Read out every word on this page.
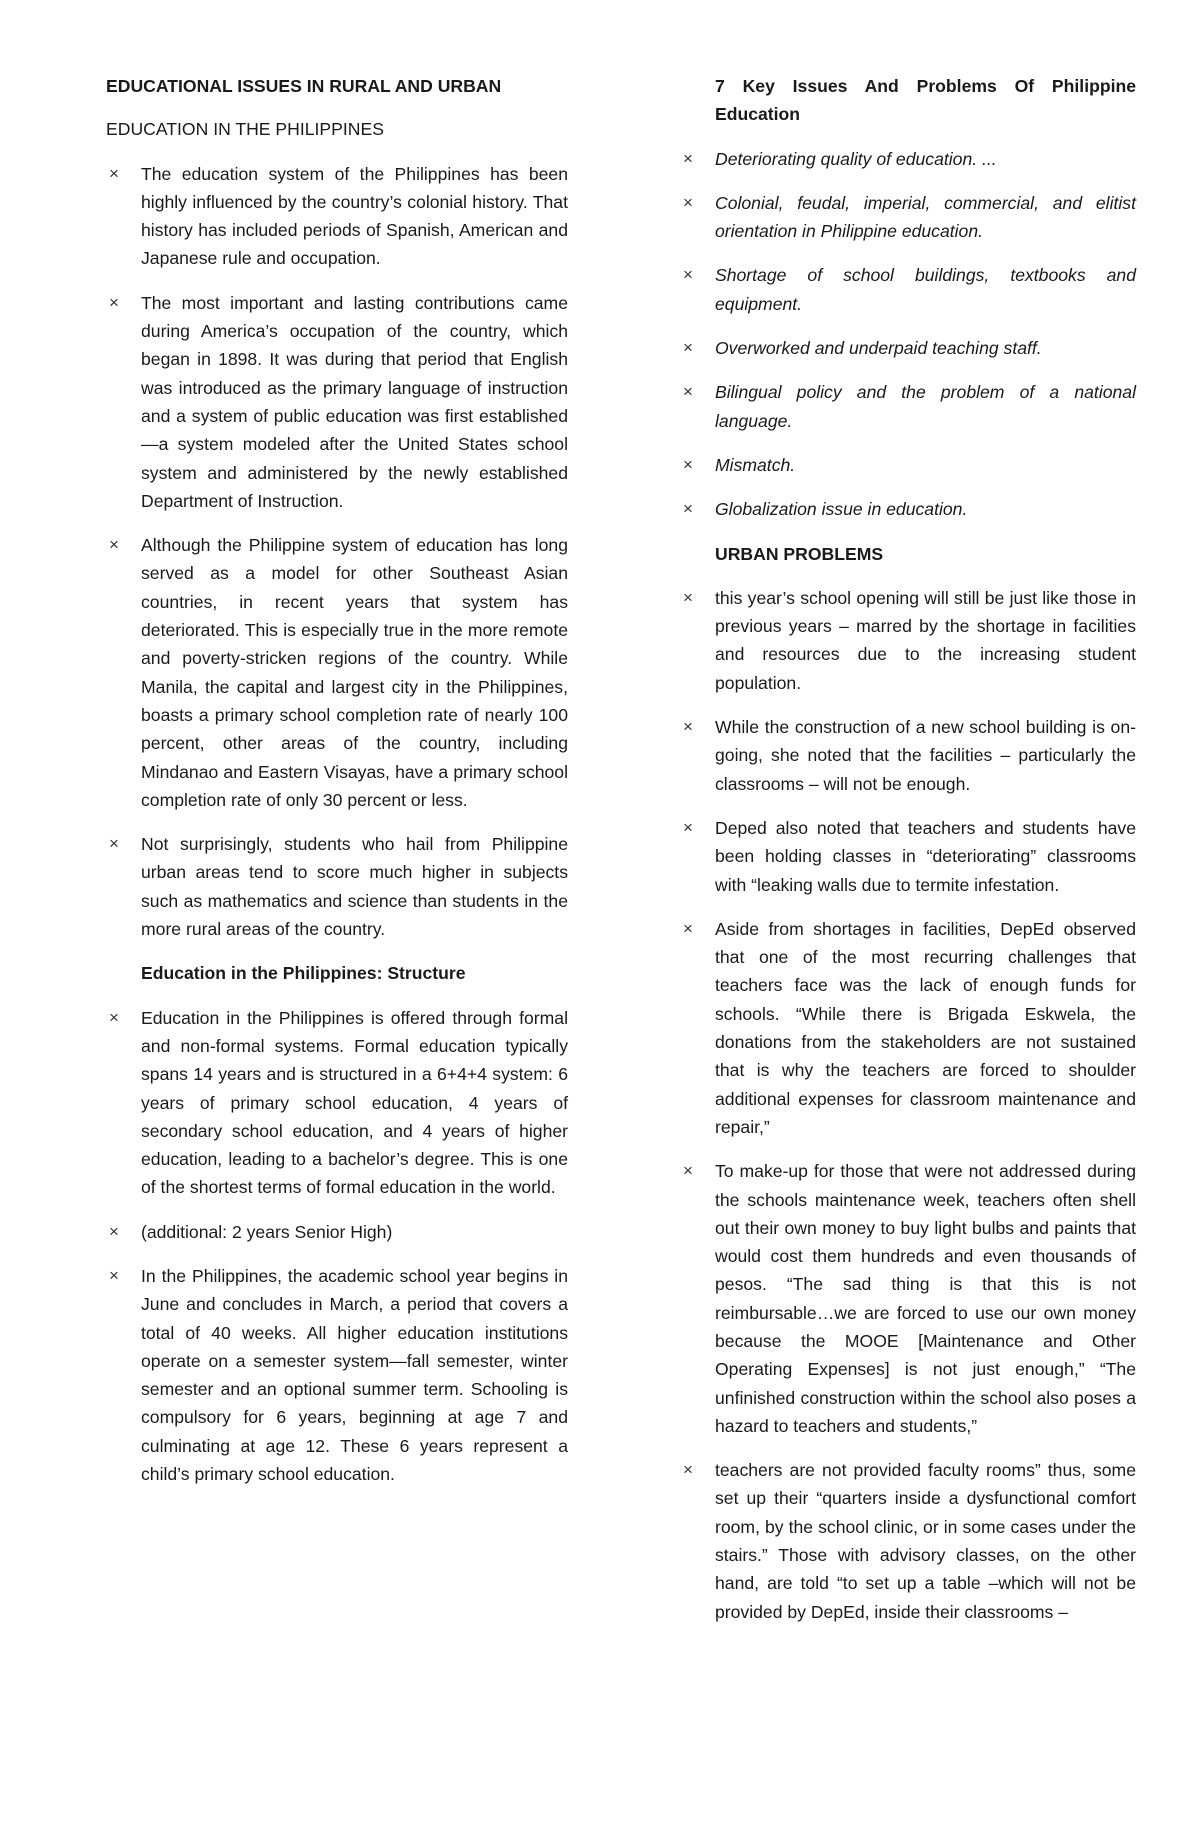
EDUCATIONAL ISSUES IN RURAL AND URBAN

EDUCATION IN THE PHILIPPINES

× The education system of the Philippines has been highly influenced by the country’s colonial history. That history has included periods of Spanish, American and Japanese rule and occupation.
× The most important and lasting contributions came during America’s occupation of the country, which began in 1898. It was during that period that English was introduced as the primary language of instruction and a system of public education was first established—a system modeled after the United States school system and administered by the newly established Department of Instruction.
× Although the Philippine system of education has long served as a model for other Southeast Asian countries, in recent years that system has deteriorated. This is especially true in the more remote and poverty-stricken regions of the country. While Manila, the capital and largest city in the Philippines, boasts a primary school completion rate of nearly 100 percent, other areas of the country, including Mindanao and Eastern Visayas, have a primary school completion rate of only 30 percent or less.
× Not surprisingly, students who hail from Philippine urban areas tend to score much higher in subjects such as mathematics and science than students in the more rural areas of the country.

Education in the Philippines: Structure

× Education in the Philippines is offered through formal and non-formal systems. Formal education typically spans 14 years and is structured in a 6+4+4 system: 6 years of primary school education, 4 years of secondary school education, and 4 years of higher education, leading to a bachelor’s degree. This is one of the shortest terms of formal education in the world.
× (additional: 2 years Senior High)
× In the Philippines, the academic school year begins in June and concludes in March, a period that covers a total of 40 weeks. All higher education institutions operate on a semester system—fall semester, winter semester and an optional summer term. Schooling is compulsory for 6 years, beginning at age 7 and culminating at age 12. These 6 years represent a child’s primary school education.

7 Key Issues And Problems Of Philippine Education

× Deteriorating quality of education. ...
× Colonial, feudal, imperial, commercial, and elitist orientation in Philippine education.
× Shortage of school buildings, textbooks and equipment.
× Overworked and underpaid teaching staff.
× Bilingual policy and the problem of a national language.
× Mismatch.
× Globalization issue in education.

URBAN PROBLEMS

× this year’s school opening will still be just like those in previous years – marred by the shortage in facilities and resources due to the increasing student population.
× While the construction of a new school building is on-going, she noted that the facilities – particularly the classrooms – will not be enough.
× Deped also noted that teachers and students have been holding classes in “deteriorating” classrooms with “leaking walls due to termite infestation.
× Aside from shortages in facilities, DepEd observed that one of the most recurring challenges that teachers face was the lack of enough funds for schools. “While there is Brigada Eskwela, the donations from the stakeholders are not sustained that is why the teachers are forced to shoulder additional expenses for classroom maintenance and repair,”
× To make-up for those that were not addressed during the schools maintenance week, teachers often shell out their own money to buy light bulbs and paints that would cost them hundreds and even thousands of pesos. “The sad thing is that this is not reimbursable…we are forced to use our own money because the MOOE [Maintenance and Other Operating Expenses] is not just enough,” “The unfinished construction within the school also poses a hazard to teachers and students,”
× teachers are not provided faculty rooms” thus, some set up their “quarters inside a dysfunctional comfort room, by the school clinic, or in some cases under the stairs.” Those with advisory classes, on the other hand, are told “to set up a table –which will not be provided by DepEd, inside their classrooms –
